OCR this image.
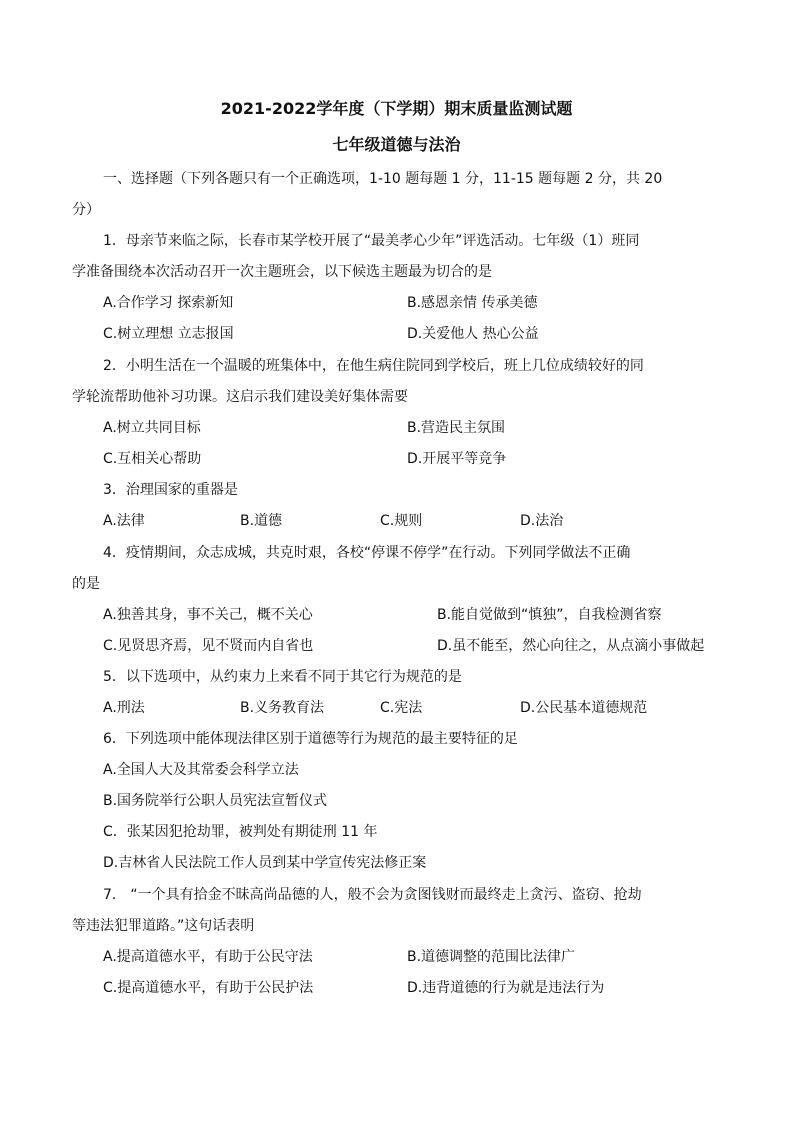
2021-2022学年度（下学期）期末质量监测试题
七年级道德与法治
一、选择题（下列各题只有一个正确选项，1-10 题每题 1 分，11-15 题每题 2 分，共 20
分）
1．母亲节来临之际，长春市某学校开展了“最美孝心少年”评选活动。七年级（1）班同
学准备围绕本次活动召开一次主题班会，以下候选主题最为切合的是
A.合作学习 探索新知	B.感恩亲情 传承美德
C.树立理想 立志报国	D.关爱他人 热心公益
2．小明生活在一个温暖的班集体中，在他生病住院同到学校后，班上几位成绩较好的同
学轮流帮助他补习功课。这启示我们建设美好集体需要
A.树立共同目标	B.营造民主氛围
C.互相关心帮助	D.开展平等竞争
3．治理国家的重器是
A.法律	B.道德	C.规则	D.法治
4．疫情期间，众志成城，共克时艰，各校“停课不停学”在行动。下列同学做法不正确
的是
A.独善其身，事不关己，概不关心	B.能自觉做到“慎独”，自我检测省察
C.见贤思齐焉，见不贤而内自省也	D.虽不能至，然心向往之，从点滴小事做起
5．以下选项中，从约束力上来看不同于其它行为规范的是
A.刑法	B.义务教育法	C.宪法	D.公民基本道德规范
6．下列选项中能体现法律区别于道德等行为规范的最主要特征的足
A.全国人大及其常委会科学立法
B.国务院举行公职人员宪法宣暂仪式
C．张某因犯抢劫罪，被判处有期徒刑 11 年
D.吉林省人民法院工作人员到某中学宣传宪法修正案
7． “一个具有拾金不昧高尚品德的人，般不会为贪图钱财而最终走上贪污、盗窃、抢劫
等违法犯罪道路。”这句话表明
A.提高道德水平，有助于公民守法	B.道德调整的范围比法律广
C.提高道德水平，有助于公民护法	D.违背道德的行为就是违法行为
